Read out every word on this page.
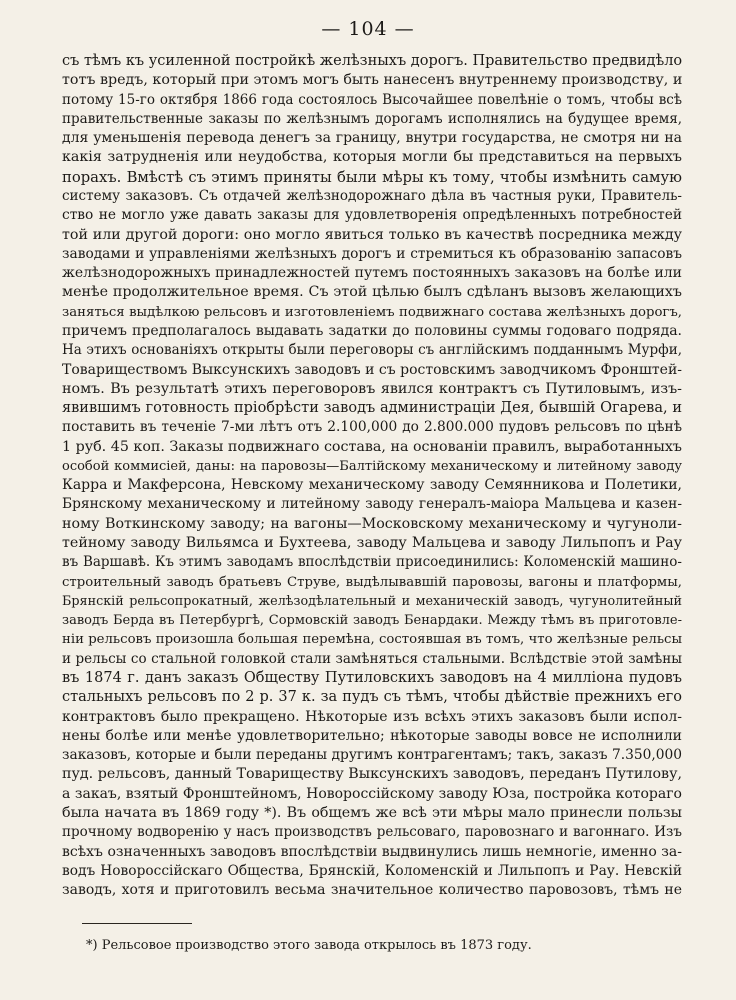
— 104 —
съ тѣмъ къ усиленной постройкѣ желѣзныхъ дорогъ. Правительство предвидѣло
тотъ вредъ, который при этомъ могъ быть нанесенъ внутреннему производству, и
потому 15-го октября 1866 года состоялось Высочайшее повелѣніе о томъ, чтобы всѣ
правительственные заказы по желѣзнымъ дорогамъ исполнялись на будущее время,
для уменьшенія перевода денегъ за границу, внутри государства, не смотря ни на
какія затрудненія или неудобства, которыя могли бы представиться на первыхъ
порахъ. Вмѣстѣ съ этимъ приняты были мѣры къ тому, чтобы измѣнить самую
систему заказовъ. Съ отдачей желѣзнодорожнаго дѣла въ частныя руки, Правитель-
ство не могло уже давать заказы для удовлетворенія опредѣленныхъ потребностей
той или другой дороги: оно могло явиться только въ качествѣ посредника между
заводами и управленіями желѣзныхъ дорогъ и стремиться къ образованію запасовъ
желѣзнодорожныхъ принадлежностей путемъ постоянныхъ заказовъ на болѣе или
менѣе продолжительное время. Съ этой цѣлью былъ сдѣланъ вызовъ желающихъ
заняться выдѣлкою рельсовъ и изготовленіемъ подвижнаго состава желѣзныхъ дорогъ,
причемъ предполагалось выдавать задатки до половины суммы годоваго подряда.
На этихъ основаніяхъ открыты были переговоры съ англійскимъ подданнымъ Мурфи,
Товариществомъ Выксунскихъ заводовъ и съ ростовскимъ заводчикомъ Фронштей-
номъ. Въ результатѣ этихъ переговоровъ явился контрактъ съ Путиловымъ, изъ-
явившимъ готовность пріобрѣсти заводъ администраціи Дея, бывшій Огарева, и
поставить въ теченіе 7-ми лѣтъ отъ 2.100,000 до 2.800.000 пудовъ рельсовъ по цѣнѣ
1 руб. 45 коп. Заказы подвижнаго состава, на основаніи правилъ, выработанныхъ
особой коммисіей, даны: на паровозы—Балтійскому механическому и литейному заводу
Карра и Макферсона, Невскому механическому заводу Семянникова и Полетики,
Брянскому механическому и литейному заводу генералъ-маіора Мальцева и казен-
ному Воткинскому заводу; на вагоны—Московскому механическому и чугуноли-
тейному заводу Вильямса и Бухтеева, заводу Мальцева и заводу Лильпопъ и Рау
въ Варшавѣ. Къ этимъ заводамъ впослѣдствіи присоединились: Коломенскій машино-
строительный заводъ братьевъ Струве, выдѣлывавшій паровозы, вагоны и платформы,
Брянскій рельсопрокатный, желѣзодѣлательный и механическій заводъ, чугунолитейный
заводъ Берда въ Петербургѣ, Сормовскій заводъ Бенардаки. Между тѣмъ въ приготовле-
ніи рельсовъ произошла большая перемѣна, состоявшая въ томъ, что желѣзные рельсы
и рельсы со стальной головкой стали замѣняться стальными. Вслѣдствіе этой замѣны
въ 1874 г. данъ заказъ Обществу Путиловскихъ заводовъ на 4 милліона пудовъ
стальныхъ рельсовъ по 2 р. 37 к. за пудъ съ тѣмъ, чтобы дѣйствіе прежнихъ его
контрактовъ было прекращено. Нѣкоторые изъ всѣхъ этихъ заказовъ были испол-
нены болѣе или менѣе удовлетворительно; нѣкоторые заводы вовсе не исполнили
заказовъ, которые и были переданы другимъ контрагентамъ; такъ, заказъ 7.350,000
пуд. рельсовъ, данный Товариществу Выксунскихъ заводовъ, переданъ Путилову,
а закаъ, взятый Фронштейномъ, Новороссійскому заводу Юза, постройка котораго
была начата въ 1869 году *). Въ общемъ же всѣ эти мѣры мало принесли пользы
прочному водворенію у насъ производствъ рельсоваго, паровознаго и вагоннаго. Изъ
всѣхъ означенныхъ заводовъ впослѣдствіи выдвинулись лишь немногіе, именно за-
водъ Новороссійскаго Общества, Брянскій, Коломенскій и Лильпопъ и Рау. Невскій
заводъ, хотя и приготовилъ весьма значительное количество паровозовъ, тѣмъ не
*) Рельсовое производство этого завода открылось въ 1873 году.
